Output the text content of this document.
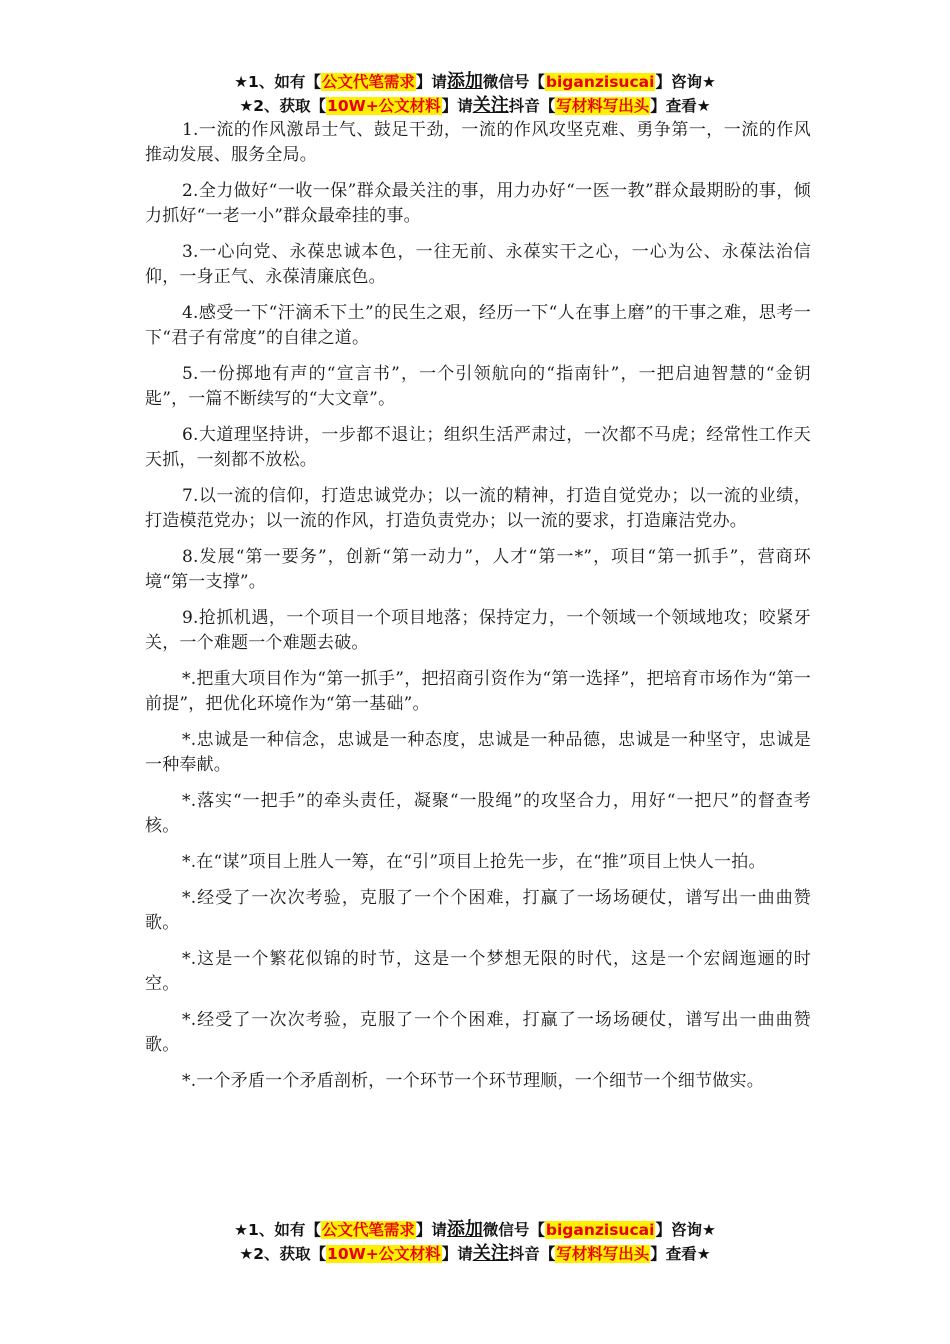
★1、如有【公文代笔需求】请添加微信号【biganzisucai】咨询★
★2、获取【10W+公文材料】请关注抖音【写材料写出头】查看★

1.一流的作风激昂士气、鼓足干劲，一流的作风攻坚克难、勇争第一，一流的作风推动发展、服务全局。

2.全力做好“一收一保”群众最关注的事，用力办好“一医一教”群众最期盼的事，倾力抓好“一老一小”群众最牵挂的事。

3.一心向党、永葆忠诚本色，一往无前、永葆实干之心，一心为公、永葆法治信仰，一身正气、永葆清廉底色。

4.感受一下“汗滴禾下土”的民生之艰，经历一下“人在事上磨”的干事之难，思考一下“君子有常度”的自律之道。

5.一份掷地有声的“宣言书”，一个引领航向的“指南针”，一把启迪智慧的“金钥匙”，一篇不断续写的“大文章”。

6.大道理坚持讲，一步都不退让；组织生活严肃过，一次都不马虎；经常性工作天天抓，一刻都不放松。

7.以一流的信仰，打造忠诚党办；以一流的精神，打造自觉党办；以一流的业绩，打造模范党办；以一流的作风，打造负责党办；以一流的要求，打造廉洁党办。

8.发展“第一要务”，创新“第一动力”，人才“第一*”，项目“第一抓手”，营商环境“第一支撑”。

9.抢抓机遇，一个项目一个项目地落；保持定力，一个领域一个领域地攻；咬紧牙关，一个难题一个难题去破。

*.把重大项目作为“第一抓手”，把招商引资作为“第一选择”，把培育市场作为“第一前提”，把优化环境作为“第一基础”。

*.忠诚是一种信念，忠诚是一种态度，忠诚是一种品德，忠诚是一种坚守，忠诚是一种奉献。

*.落实“一把手”的牵头责任，凝聚“一股绳”的攻坚合力，用好“一把尺”的督查考核。

*.在“谋”项目上胜人一筹，在“引”项目上抢先一步，在“推”项目上快人一拍。

*.经受了一次次考验，克服了一个个困难，打赢了一场场硬仗，谱写出一曲曲赞歌。

*.这是一个繁花似锦的时节，这是一个梦想无限的时代，这是一个宏阔迤逦的时空。

*.经受了一次次考验，克服了一个个困难，打赢了一场场硬仗，谱写出一曲曲赞歌。

*.一个矛盾一个矛盾剖析，一个环节一个环节理顺，一个细节一个细节做实。

★1、如有【公文代笔需求】请添加微信号【biganzisucai】咨询★
★2、获取【10W+公文材料】请关注抖音【写材料写出头】查看★
